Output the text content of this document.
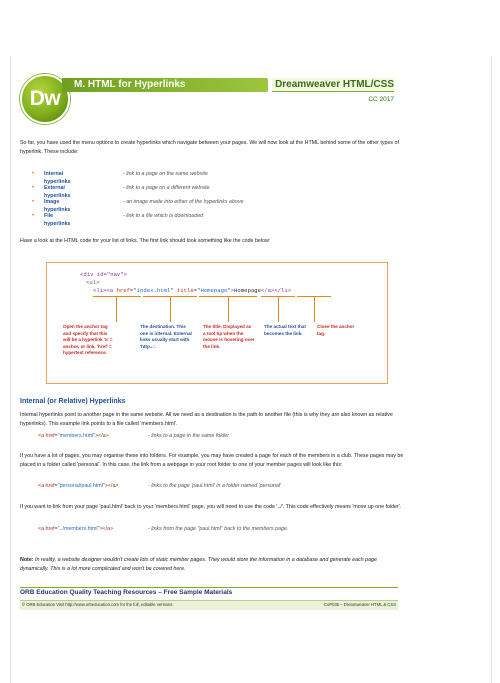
Dw
M. HTML for Hyperlinks	Dreamweaver HTML/CSS
CC 2017
So far, you have used the menu options to create hyperlinks which navigate between your pages. We will now look at the HTML behind some of the other types of hyperlink. These include:
• Internal hyperlinks
- link to a page on the same website
• External hyperlinks
- link to a page on a different website
• Image hyperlinks
- an image made into either of the hyperlinks above
• File hyperlinks
- link to a file which is downloaded
Have a look at the HTML code for your list of links. The first link should look something like the code below:
<div id="nav">
<ul>
<li><a href="index.html" title="Homepage">Homepage</a></li>
Open the anchor tag and specify that this will be a hyperlink 'a' = anchor, or link. 'href' = hypertext reference.
The destination. This one is internal. External links usually start with 'http...'.
The title. Displayed as a tool tip when the mouse is hovering over the link.
The actual text that becomes the link.
Close the anchor tag.
Internal (or Relative) Hyperlinks
Internal hyperlinks point to another page in the same website. All we need as a destination is the path to another file (this is why they are also known as relative hyperlinks). This example link points to a file called 'members.html'.
<a href="members.html"></a>	- links to a page in the same folder
If you have a lot of pages, you may organise these into folders. For example, you may have created a page for each of the members in a club. These pages may be placed in a folder called 'personal'. In this case, the link from a webpage in your root folder to one of your member pages will look like this:
<a href="personal/paul.html"></a>	- links to the page 'paul.html' in a folder named 'personal'
If you want to link from your page 'paul.html' back to your 'members.html' page, you will need to use the code '../'. This code effectively means 'move up one folder'.
<a href="../members.html"></a>	- links from the page "paul.html" back to the members page.
Note: In reality, a website designer wouldn't create lots of static member pages. They would store the information in a database and generate each page dynamically. This is a lot more complicated and won't be covered here.
ORB Education Quality Teaching Resources – Free Sample Materials
© ORB Education Visit http://www.orbeducation.com for the full, editable versions.	CoP035 – Dreamweaver HTML & CSS
